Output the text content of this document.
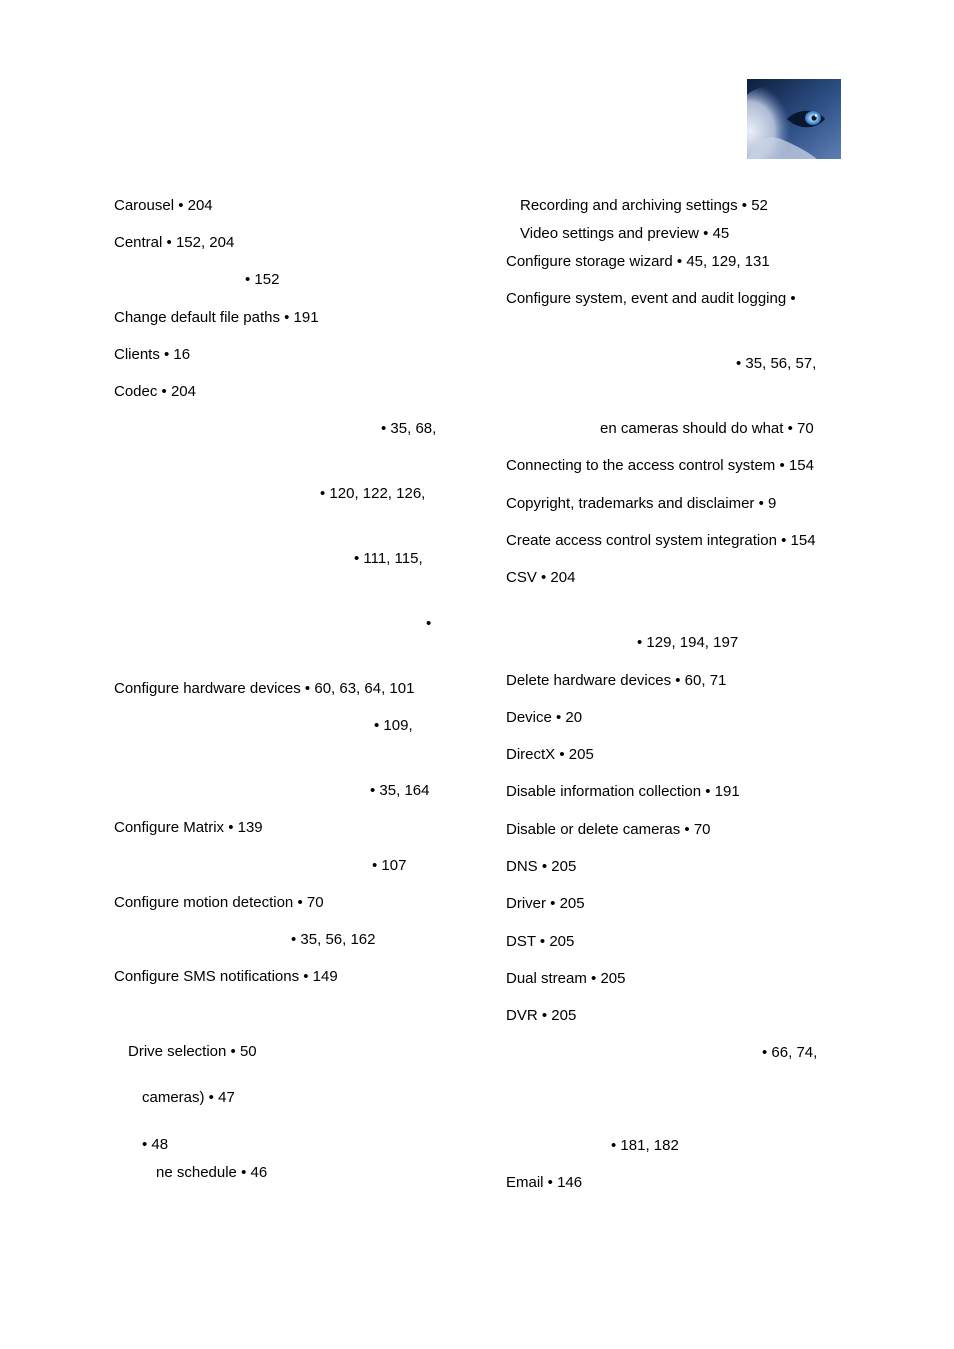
Carousel • 204
Central • 152, 204
• 152
Change default file paths • 191
Clients • 16
Codec • 204
• 35, 68,
• 120, 122, 126,
• 111, 115,
•
Configure hardware devices • 60, 63, 64, 101
• 109,
• 35, 164
Configure Matrix • 139
• 107
Configure motion detection • 70
• 35, 56, 162
Configure SMS notifications • 149
Drive selection • 50
cameras) • 47
• 48
ne schedule • 46
Recording and archiving settings • 52
Video settings and preview • 45
Configure storage wizard • 45, 129, 131
Configure system, event and audit logging •
• 35, 56, 57,
en cameras should do what • 70
Connecting to the access control system • 154
Copyright, trademarks and disclaimer • 9
Create access control system integration • 154
CSV • 204
• 129, 194, 197
Delete hardware devices • 60, 71
Device • 20
DirectX • 205
Disable information collection • 191
Disable or delete cameras • 70
DNS • 205
Driver • 205
DST • 205
Dual stream • 205
DVR • 205
• 66, 74,
• 181, 182
Email • 146
